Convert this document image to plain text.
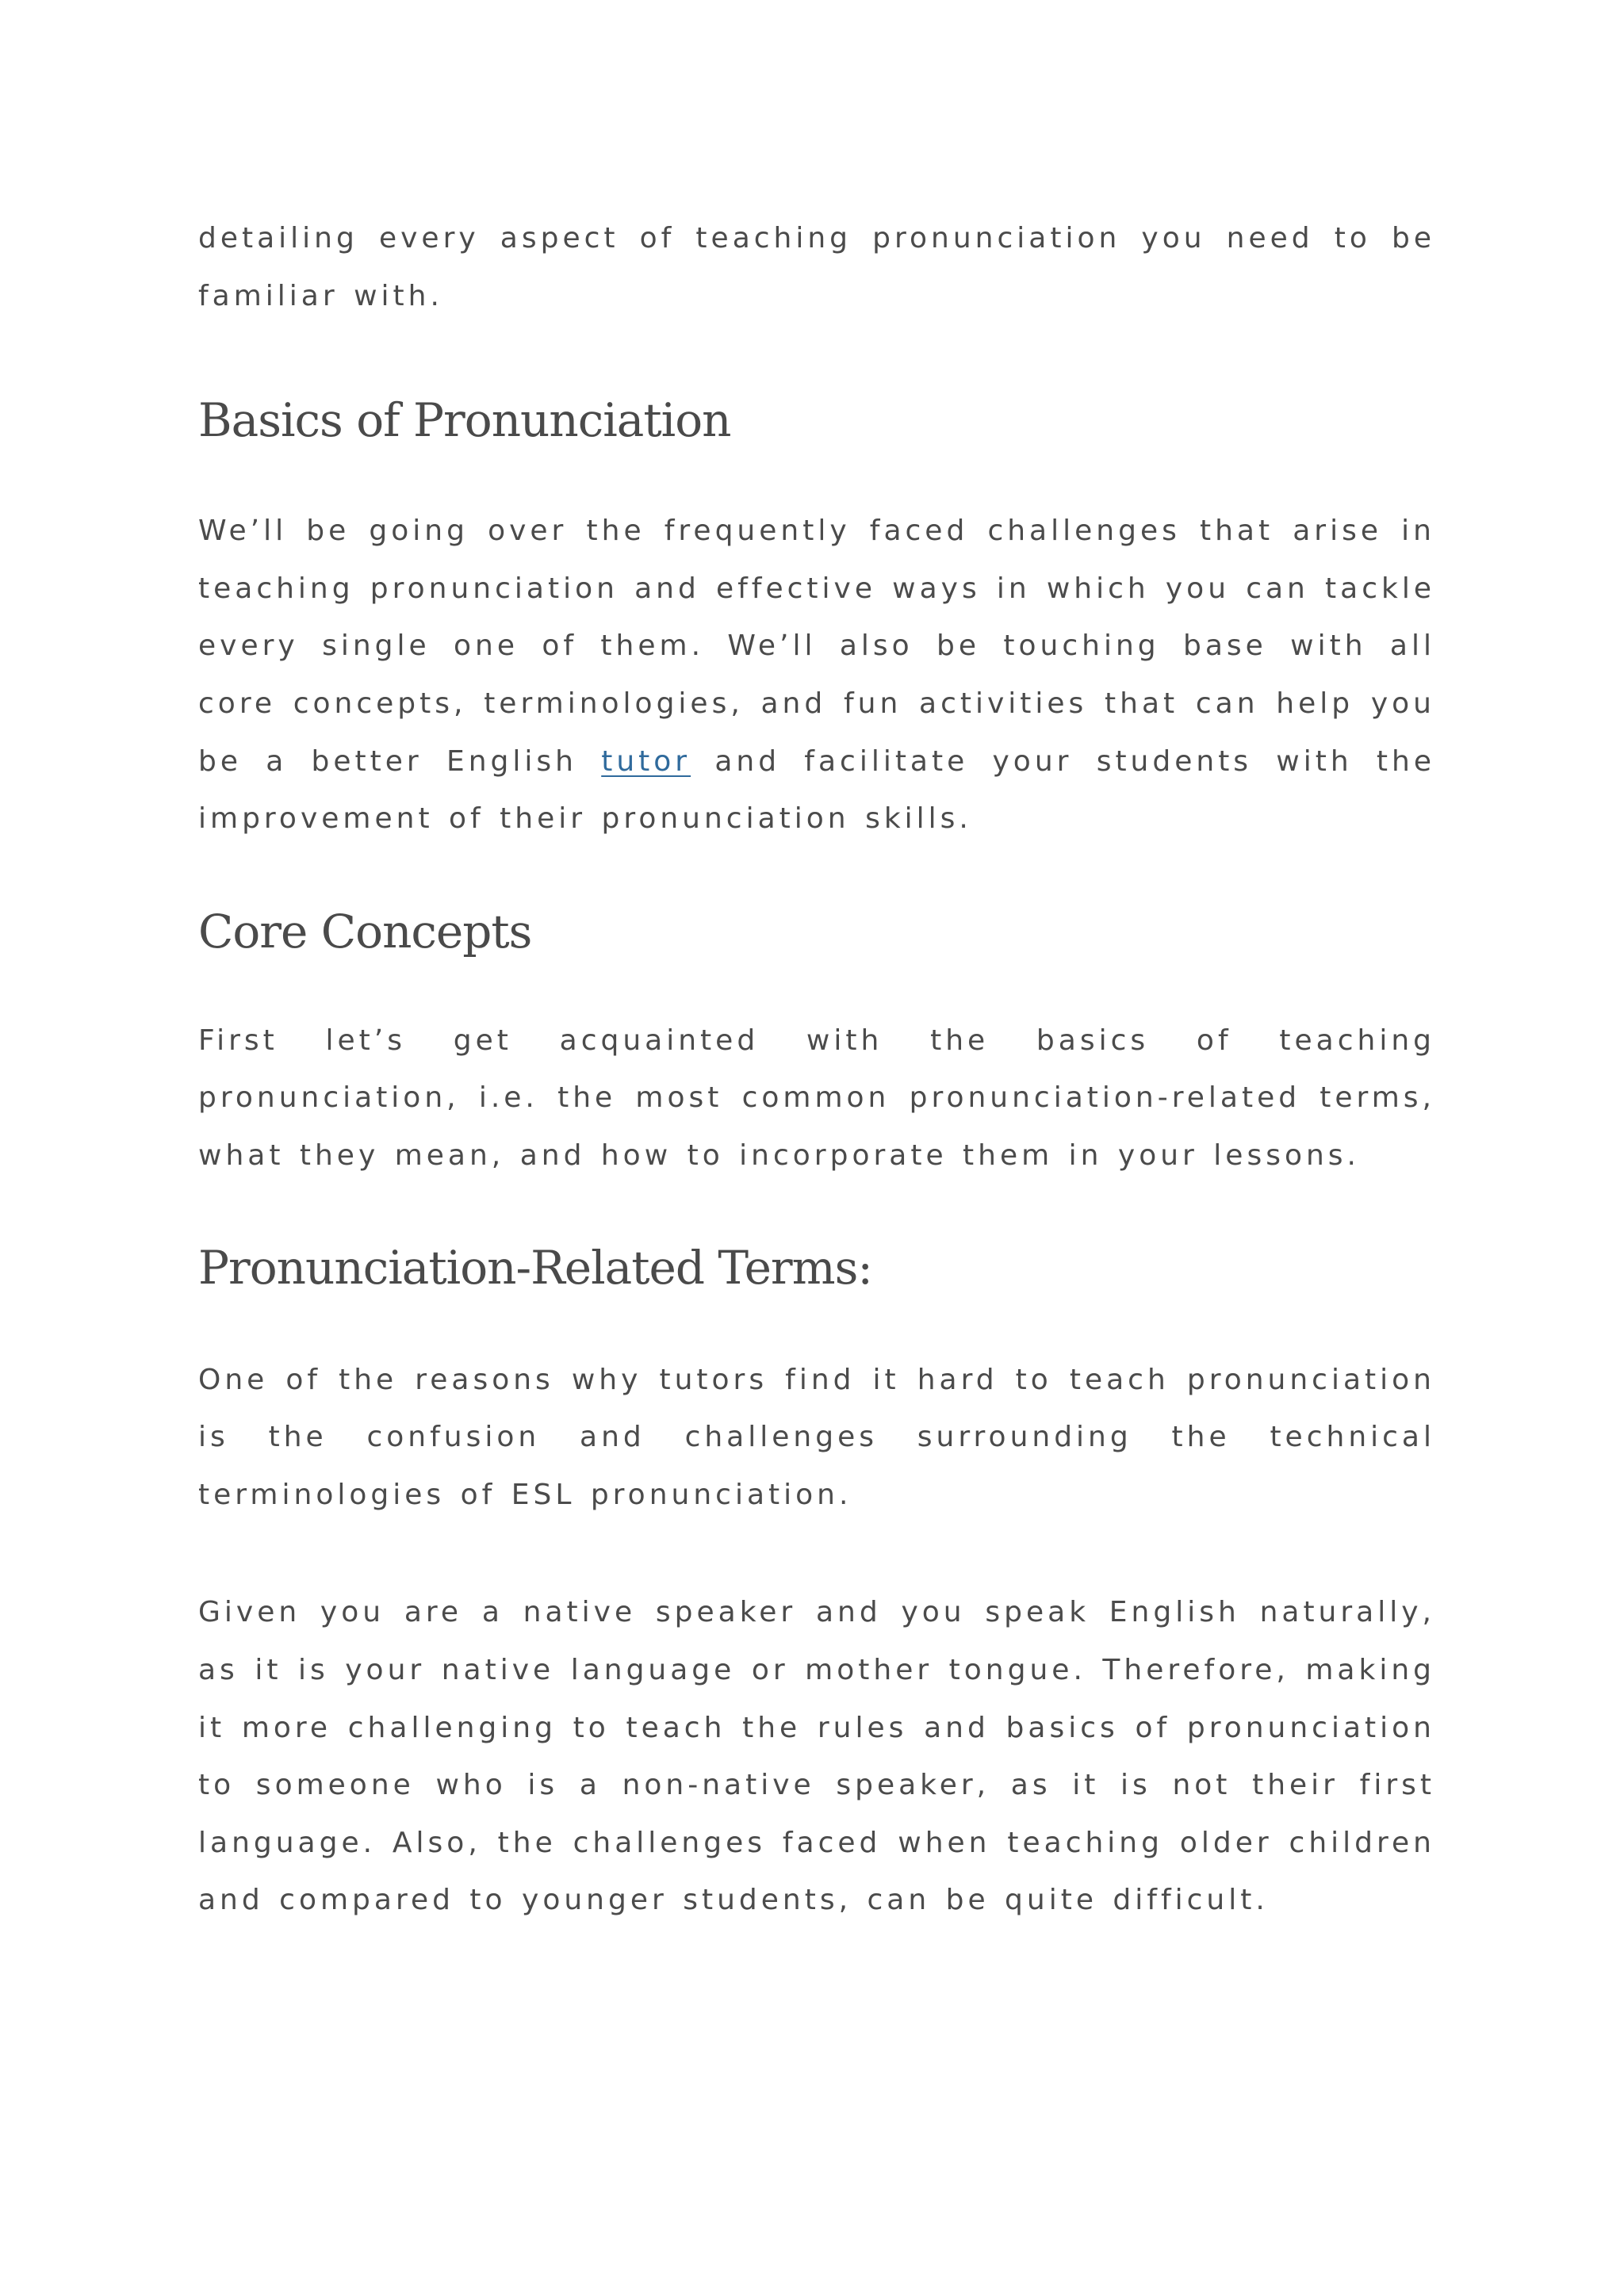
detailing every aspect of teaching pronunciation you need to be familiar with.

Basics of Pronunciation

We’ll be going over the frequently faced challenges that arise in teaching pronunciation and effective ways in which you can tackle every single one of them. We’ll also be touching base with all core concepts, terminologies, and fun activities that can help you be a better English tutor and facilitate your students with the improvement of their pronunciation skills.

Core Concepts

First let’s get acquainted with the basics of teaching pronunciation, i.e. the most common pronunciation-related terms, what they mean, and how to incorporate them in your lessons.

Pronunciation-Related Terms:

One of the reasons why tutors find it hard to teach pronunciation is the confusion and challenges surrounding the technical terminologies of ESL pronunciation.

Given you are a native speaker and you speak English naturally, as it is your native language or mother tongue. Therefore, making it more challenging to teach the rules and basics of pronunciation to someone who is a non-native speaker, as it is not their first language. Also, the challenges faced when teaching older children and compared to younger students, can be quite difficult.
